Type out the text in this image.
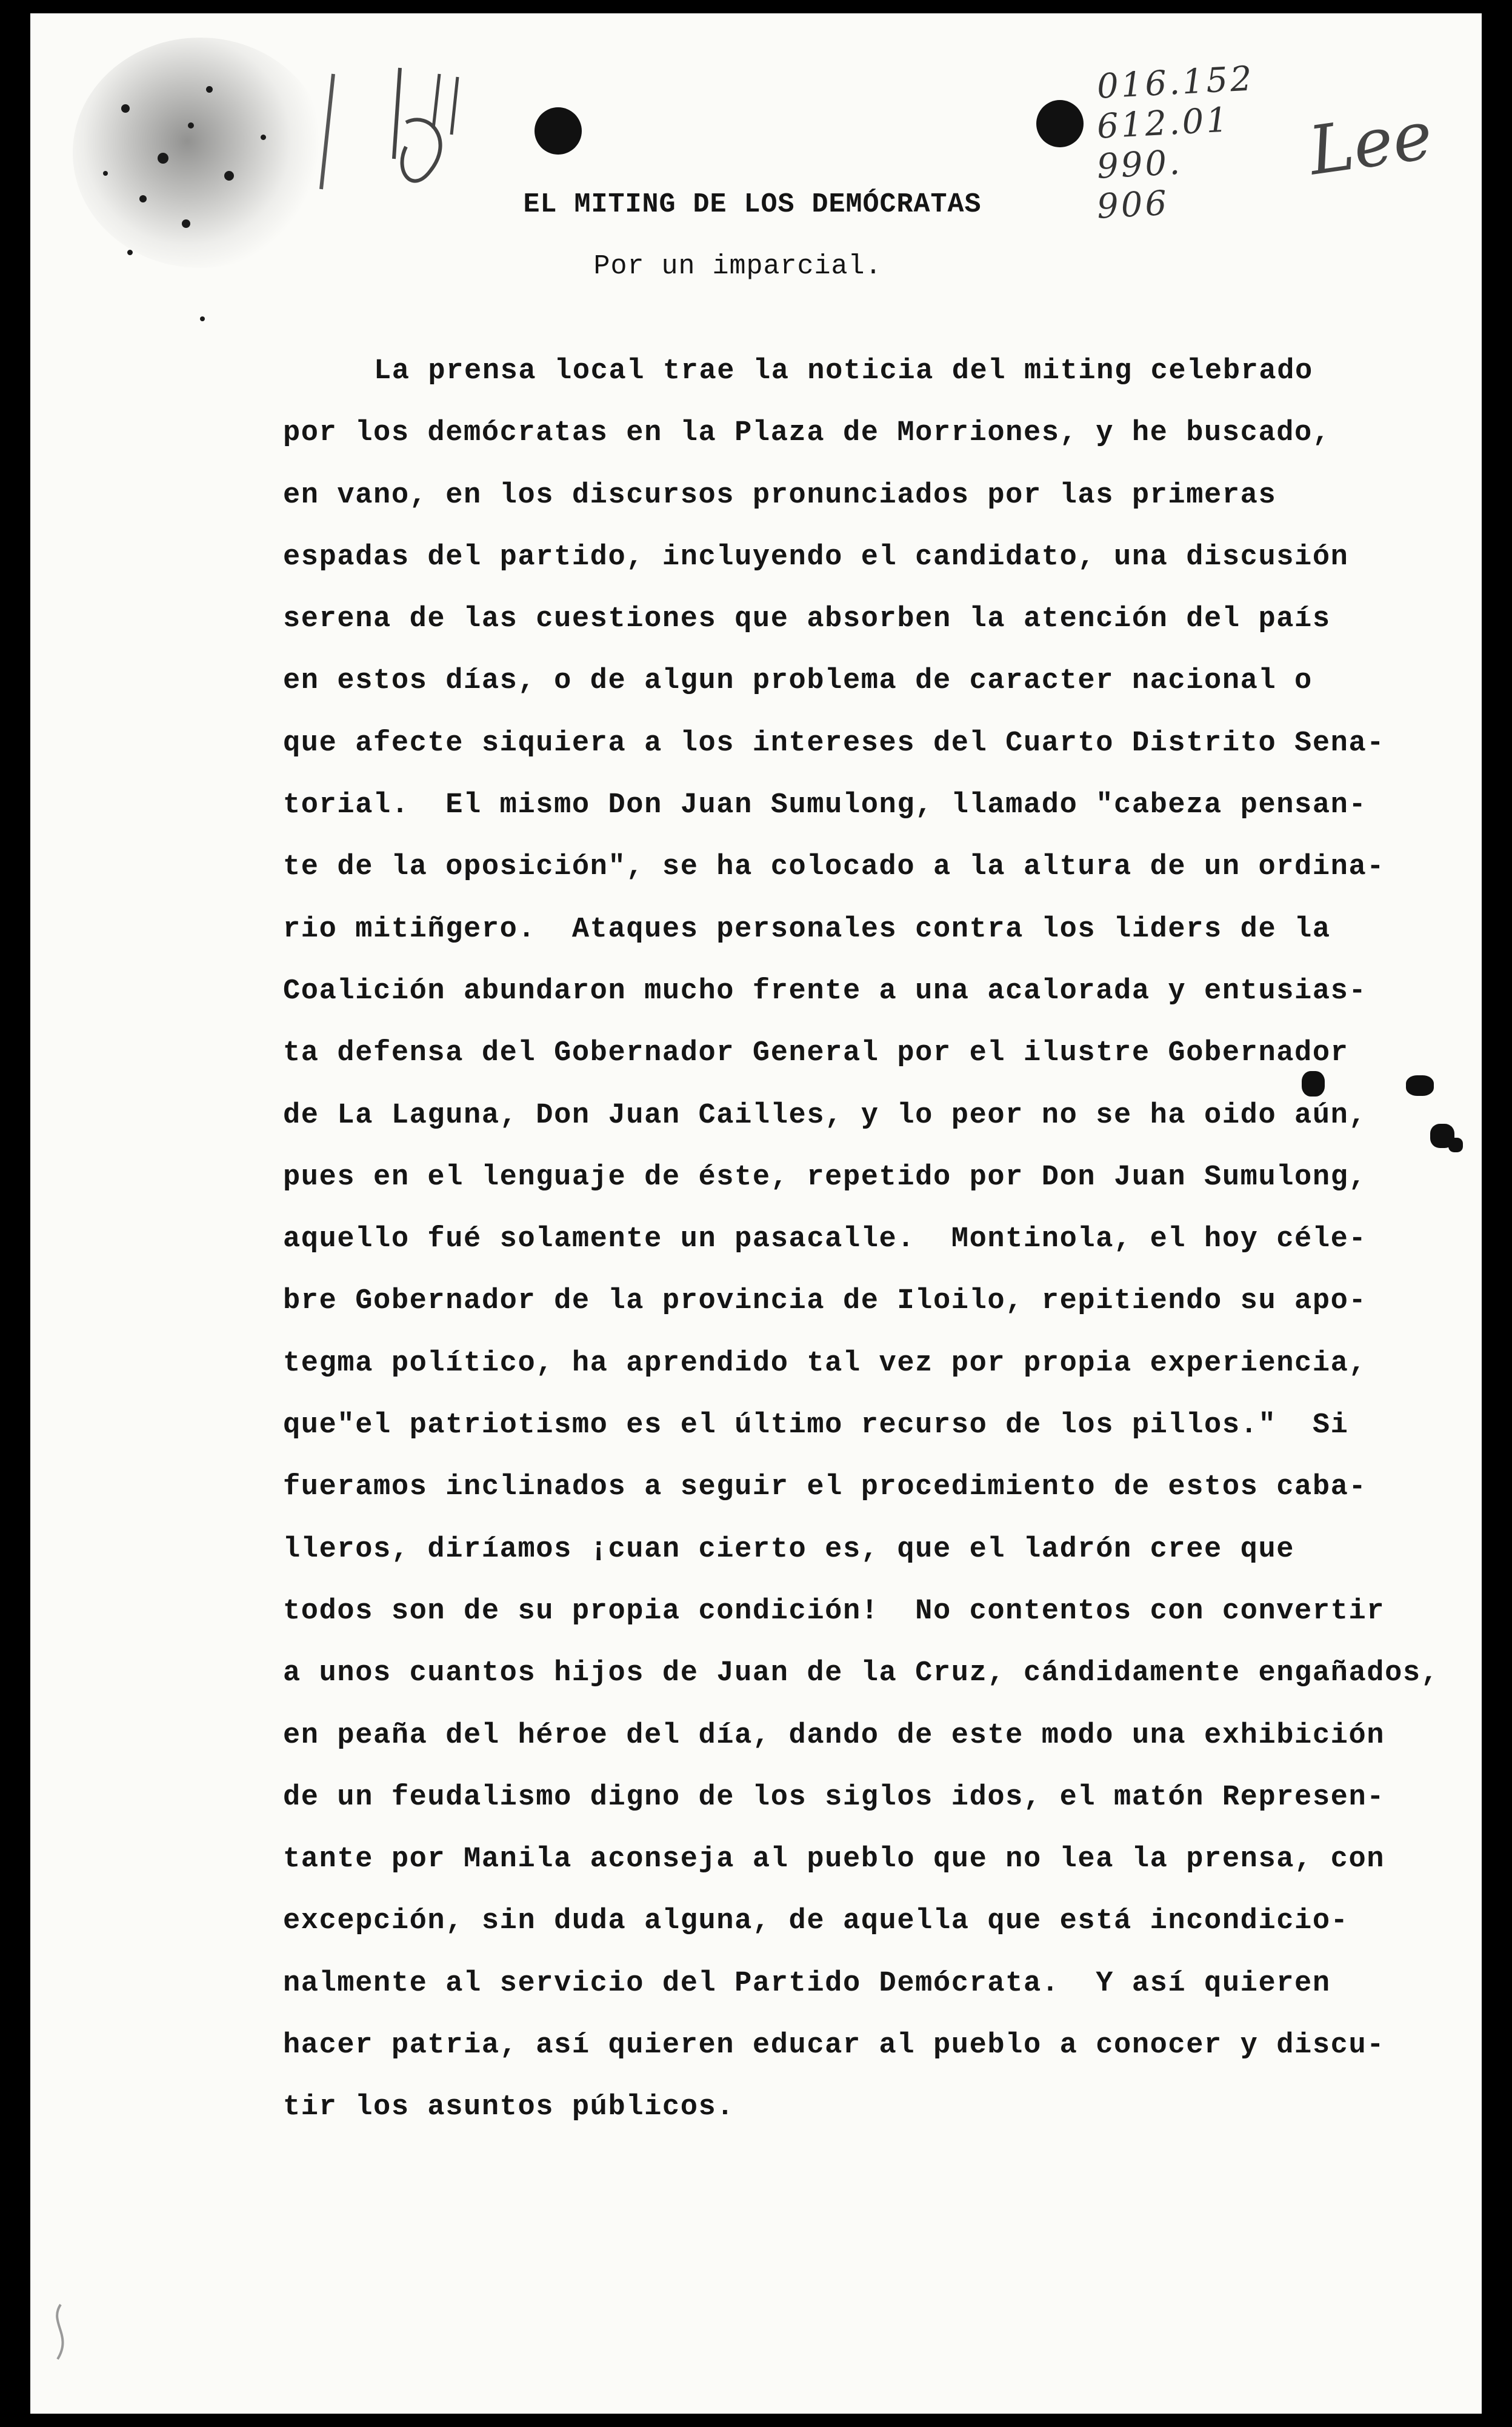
016.152
612.01
990.
906
Lee
EL MITING DE LOS DEMÓCRATAS
Por un imparcial.
La prensa local trae la noticia del miting celebrado
por los demócratas en la Plaza de Morriones, y he buscado,
en vano, en los discursos pronunciados por las primeras
espadas del partido, incluyendo el candidato, una discusión
serena de las cuestiones que absorben la atención del país
en estos días, o de algun problema de caracter nacional o
que afecte siquiera a los intereses del Cuarto Distrito Sena-
torial.  El mismo Don Juan Sumulong, llamado "cabeza pensan-
te de la oposición", se ha colocado a la altura de un ordina-
rio mitiñgero.  Ataques personales contra los liders de la
Coalición abundaron mucho frente a una acalorada y entusias-
ta defensa del Gobernador General por el ilustre Gobernador
de La Laguna, Don Juan Cailles, y lo peor no se ha oido aún,
pues en el lenguaje de éste, repetido por Don Juan Sumulong,
aquello fué solamente un pasacalle.  Montinola, el hoy céle-
bre Gobernador de la provincia de Iloilo, repitiendo su apo-
tegma político, ha aprendido tal vez por propia experiencia,
que"el patriotismo es el último recurso de los pillos."  Si
fueramos inclinados a seguir el procedimiento de estos caba-
lleros, diríamos ¡cuan cierto es, que el ladrón cree que
todos son de su propia condición!  No contentos con convertir
a unos cuantos hijos de Juan de la Cruz, cándidamente engañados,
en peaña del héroe del día, dando de este modo una exhibición
de un feudalismo digno de los siglos idos, el matón Represen-
tante por Manila aconseja al pueblo que no lea la prensa, con
excepción, sin duda alguna, de aquella que está incondicio-
nalmente al servicio del Partido Demócrata.  Y así quieren
hacer patria, así quieren educar al pueblo a conocer y discu-
tir los asuntos públicos.
